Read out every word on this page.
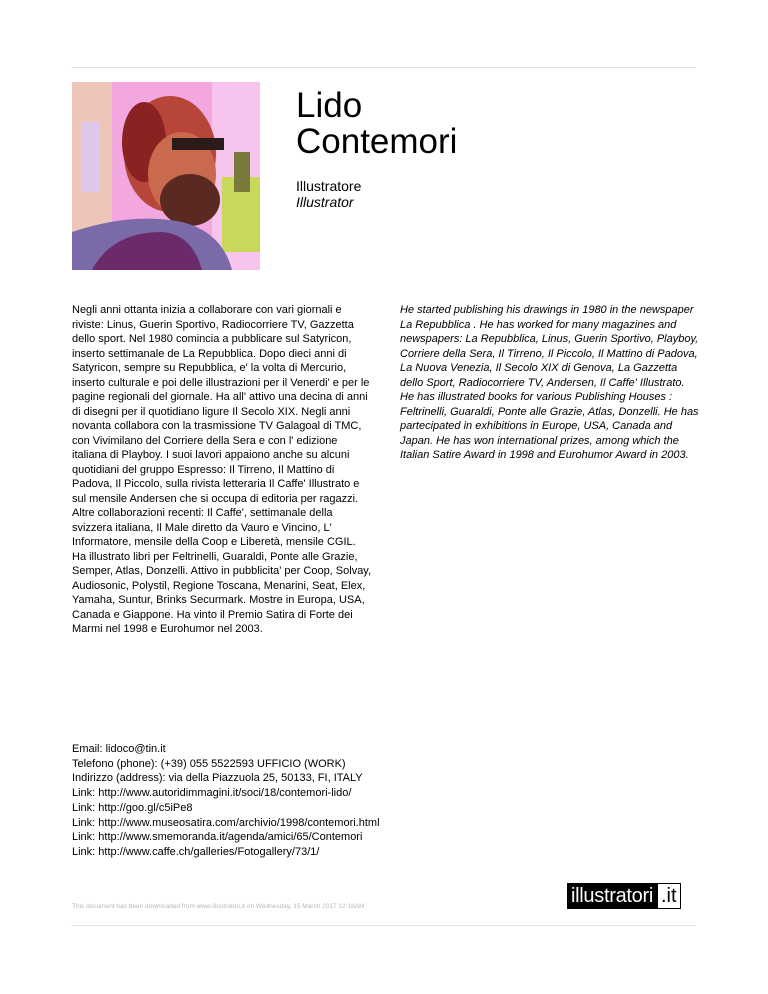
Lido
Contemori
Illustratore
Illustrator
Negli anni ottanta inizia a collaborare con vari giornali e riviste: Linus, Guerin Sportivo, Radiocorriere TV, Gazzetta dello sport. Nel 1980 comincia a pubblicare sul Satyricon, inserto settimanale de La Repubblica. Dopo dieci anni di Satyricon, sempre su Repubblica, e' la volta di Mercurio, inserto culturale e poi delle illustrazioni per il Venerdi' e per le pagine regionali del giornale. Ha all' attivo una decina di anni di disegni per il quotidiano ligure Il Secolo XIX. Negli anni novanta collabora con la trasmissione TV Galagoal di TMC, con Vivimilano del Corriere della Sera e con l' edizione italiana di Playboy. I suoi lavori appaiono anche su alcuni quotidiani del gruppo Espresso: Il Tirreno, Il Mattino di Padova, Il Piccolo, sulla rivista letteraria Il Caffe' Illustrato e sul mensile Andersen che si occupa di editoria per ragazzi. Altre collaborazioni recenti: Il Caffe', settimanale della svizzera italiana, Il Male diretto da Vauro e Vincino, L' Informatore, mensile della Coop e Liberetà, mensile CGIL. Ha illustrato libri per Feltrinelli, Guaraldi, Ponte alle Grazie, Semper, Atlas, Donzelli. Attivo in pubblicita' per Coop, Solvay, Audiosonic, Polystil, Regione Toscana, Menarini, Seat, Elex, Yamaha, Suntur, Brinks Securmark. Mostre in Europa, USA, Canada e Giappone. Ha vinto il Premio Satira di Forte dei Marmi nel 1998 e Eurohumor nel 2003.
He started publishing his drawings in 1980 in the newspaper La Repubblica . He has worked for many magazines and newspapers: La Repubblica, Linus, Guerin Sportivo, Playboy, Corriere della Sera, Il Tirreno, Il Piccolo, Il Mattino di Padova, La Nuova Venezia, Il Secolo XIX di Genova, La Gazzetta dello Sport, Radiocorriere TV, Andersen, Il Caffe' Illustrato. He has illustrated books for various Publishing Houses : Feltrinelli, Guaraldi, Ponte alle Grazie, Atlas, Donzelli. He has partecipated in exhibitions in Europe, USA, Canada and Japan. He has won international prizes, among which the Italian Satire Award in 1998 and Eurohumor Award in 2003.
Email: lidoco@tin.it
Telefono (phone): (+39) 055 5522593 UFFICIO (WORK)
Indirizzo (address): via della Piazzuola 25, 50133, FI, ITALY
Link: http://www.autoridimmagini.it/soci/18/contemori-lido/
Link: http://goo.gl/c5iPe8
Link: http://www.museosatira.com/archivio/1998/contemori.html
Link: http://www.smemoranda.it/agenda/amici/65/Contemori
Link: http://www.caffe.ch/galleries/Fotogallery/73/1/
This document has been downloaded from www.illustratori.it on Wednesday, 15 March 2017 12:18AM	illustratori .it
